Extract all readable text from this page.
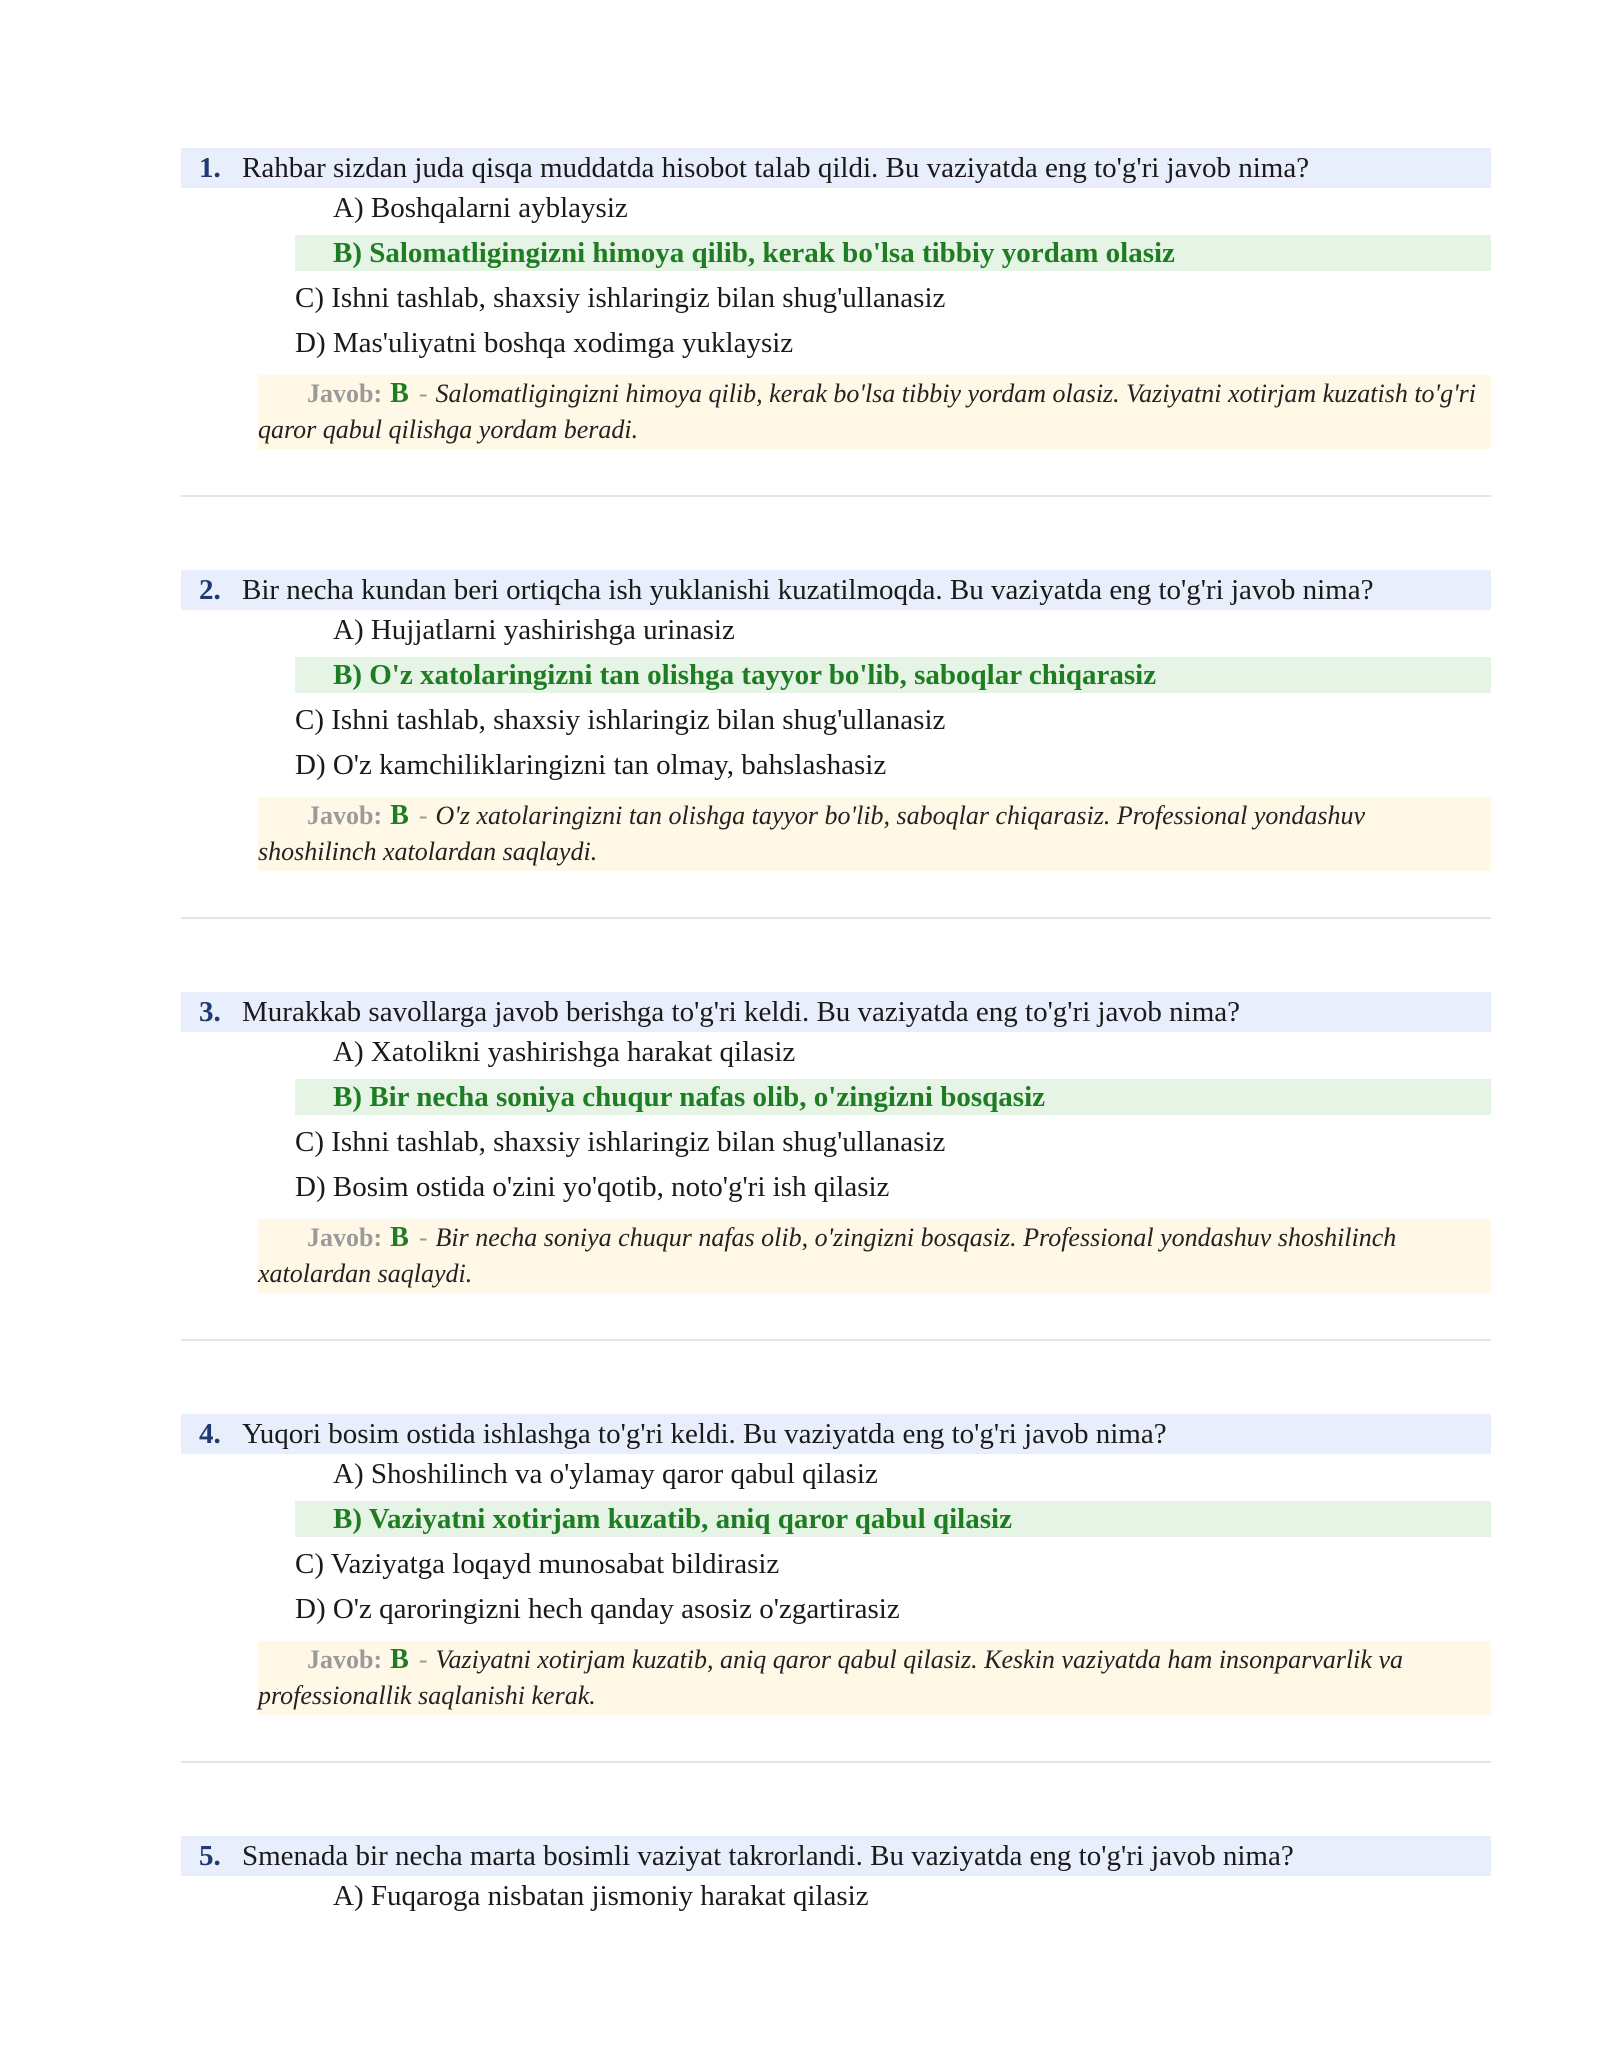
1. Rahbar sizdan juda qisqa muddatda hisobot talab qildi. Bu vaziyatda eng to'g'ri javob nima?
A) Boshqalarni ayblaysiz
B) Salomatligingizni himoya qilib, kerak bo'lsa tibbiy yordam olasiz
C) Ishni tashlab, shaxsiy ishlaringiz bilan shug'ullanasiz
D) Mas'uliyatni boshqa xodimga yuklaysiz
Javob: B - Salomatligingizni himoya qilib, kerak bo'lsa tibbiy yordam olasiz. Vaziyatni xotirjam kuzatish to'g'ri qaror qabul qilishga yordam beradi.
2. Bir necha kundan beri ortiqcha ish yuklanishi kuzatilmoqda. Bu vaziyatda eng to'g'ri javob nima?
A) Hujjatlarni yashirishga urinasiz
B) O'z xatolaringizni tan olishga tayyor bo'lib, saboqlar chiqarasiz
C) Ishni tashlab, shaxsiy ishlaringiz bilan shug'ullanasiz
D) O'z kamchiliklaringizni tan olmay, bahslashasiz
Javob: B - O'z xatolaringizni tan olishga tayyor bo'lib, saboqlar chiqarasiz. Professional yondashuv shoshilinch xatolardan saqlaydi.
3. Murakkab savollarga javob berishga to'g'ri keldi. Bu vaziyatda eng to'g'ri javob nima?
A) Xatolikni yashirishga harakat qilasiz
B) Bir necha soniya chuqur nafas olib, o'zingizni bosqasiz
C) Ishni tashlab, shaxsiy ishlaringiz bilan shug'ullanasiz
D) Bosim ostida o'zini yo'qotib, noto'g'ri ish qilasiz
Javob: B - Bir necha soniya chuqur nafas olib, o'zingizni bosqasiz. Professional yondashuv shoshilinch xatolardan saqlaydi.
4. Yuqori bosim ostida ishlashga to'g'ri keldi. Bu vaziyatda eng to'g'ri javob nima?
A) Shoshilinch va o'ylamay qaror qabul qilasiz
B) Vaziyatni xotirjam kuzatib, aniq qaror qabul qilasiz
C) Vaziyatga loqayd munosabat bildirasiz
D) O'z qaroringizni hech qanday asosiz o'zgartirasiz
Javob: B - Vaziyatni xotirjam kuzatib, aniq qaror qabul qilasiz. Keskin vaziyatda ham insonparvarlik va professionallik saqlanishi kerak.
5. Smenada bir necha marta bosimli vaziyat takrorlandi. Bu vaziyatda eng to'g'ri javob nima?
A) Fuqaroga nisbatan jismoniy harakat qilasiz
